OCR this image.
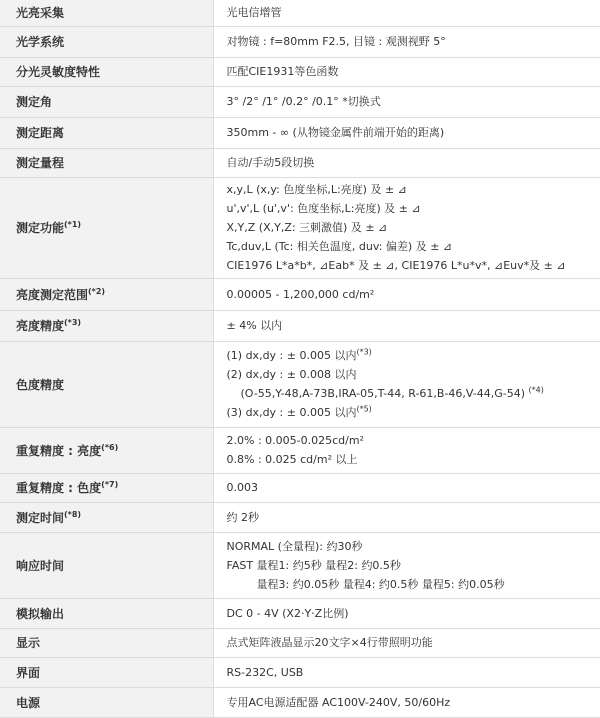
光亮采集	光电信增管

光学系统	对物镜 : f=80mm F2.5, 目镜 : 观测视野 5°

分光灵敏度特性	匹配CIE1931等色函数

测定角	3° /2° /1° /0.2° /0.1° *切换式

测定距离	350mm - ∞ (从物镜金属件前端开始的距离)

测定量程	自动/手动5段切换

测定功能$^{(*1)}$	x,y,L (x,y: 色度坐标,L:亮度) 及 ± ⊿
u',v',L (u',v': 色度坐标,L:亮度) 及 ± ⊿
X,Y,Z (X,Y,Z: 三刺激值) 及 ± ⊿
Tc,duv,L (Tc: 相关色温度, duv: 偏差) 及 ± ⊿
CIE1976 L*a*b*, ⊿Eab* 及 ± ⊿, CIE1976 L*u*v*, ⊿Euv*及 ± ⊿

亮度测定范围$^{(*2)}$	0.00005 - 1,200,000 cd/m²

亮度精度$^{(*3)}$	± 4% 以内

色度精度	(1) dx,dy : ± 0.005 以内$^{(*3)}$
(2) dx,dy : ± 0.008 以内
(O-55,Y-48,A-73B,IRA-05,T-44, R-61,B-46,V-44,G-54) $^{(*4)}$
(3) dx,dy : ± 0.005 以内$^{(*5)}$

重复精度 : 亮度$^{(*6)}$	2.0% : 0.005-0.025cd/m²
0.8% : 0.025 cd/m² 以上

重复精度 : 色度$^{(*7)}$	0.003

测定时间$^{(*8)}$	约 2秒

响应时间	NORMAL (全量程): 约30秒
FAST 量程1: 约5秒 量程2: 约0.5秒
量程3: 约0.05秒 量程4: 约0.5秒 量程5: 约0.05秒

模拟输出	DC 0 - 4V (X2·Y·Z比例)

显示	点式矩阵液晶显示20文字×4行带照明功能

界面	RS-232C, USB

电源	专用AC电源适配器 AC100V-240V, 50/60Hz
